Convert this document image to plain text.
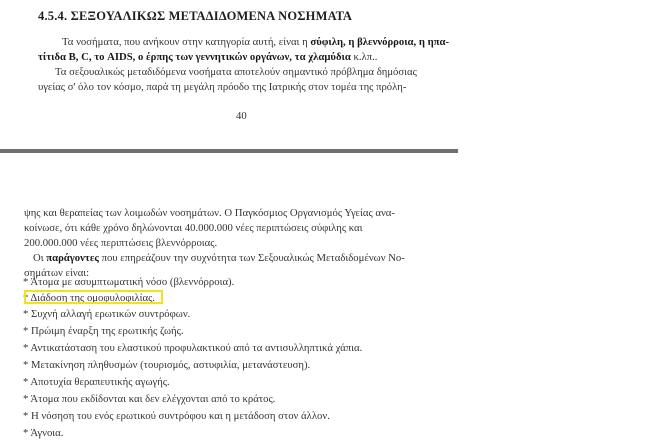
4.5.4. ΣΕΞΟΥΑΛΙΚΩΣ ΜΕΤΑΔΙΔΟΜΕΝΑ ΝΟΣΗΜΑΤΑ
Τα νοσήματα, που ανήκουν στην κατηγορία αυτή, είναι η σύφιλη, η βλεννόρροια, η ηπα-
τίτιδα Β, C, το AIDS, ο έρπης των γεννητικών οργάνων, τα χλαμύδια κ.λπ..
Τα σεξουαλικώς μεταδιδόμενα νοσήματα αποτελούν σημαντικό πρόβλημα δημόσιας
υγείας σ' όλο τον κόσμο, παρά τη μεγάλη πρόοδο της Ιατρικής στον τομέα της πρόλη-
40
ψης και θεραπείας των λοιμωδών νοσημάτων. Ο Παγκόσμιος Οργανισμός Υγείας ανα-
κοίνωσε, ότι κάθε χρόνο δηλώνονται 40.000.000 νέες περιπτώσεις σύφιλης και
200.000.000 νέες περιπτώσεις βλεννόρροιας.
Οι παράγοντες που επηρεάζουν την συχνότητα των Σεξουαλικώς Μεταδιδομένων Νο-
σημάτων είναι:
* Άτομα με ασυμπτωματική νόσο (βλεννόρροια).
* Διάδοση της ομοφυλοφιλίας.
* Συχνή αλλαγή ερωτικών συντρόφων.
* Πρώιμη έναρξη της ερωτικής ζωής.
* Αντικατάσταση του ελαστικού προφυλακτικού από τα αντισυλληπτικά χάπια.
* Μετακίνηση πληθυσμών (τουρισμός, αστυφιλία, μετανάστευση).
* Αποτυχία θεραπευτικής αγωγής.
* Άτομα που εκδίδονται και δεν ελέγχονται από το κράτος.
* Η νόσηση του ενός ερωτικού συντρόφου και η μετάδοση στον άλλον.
* Άγνοια.
